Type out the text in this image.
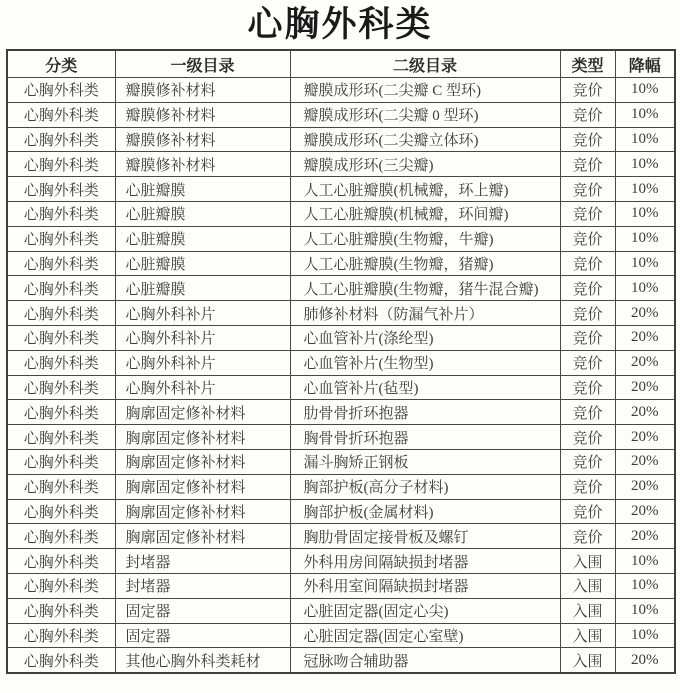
心胸外科类
分类	一级目录	二级目录	类型	降幅
心胸外科类	瓣膜修补材料	瓣膜成形环(二尖瓣 C 型环)	竞价	10%
心胸外科类	瓣膜修补材料	瓣膜成形环(二尖瓣 0 型环)	竞价	10%
心胸外科类	瓣膜修补材料	瓣膜成形环(二尖瓣立体环)	竞价	10%
心胸外科类	瓣膜修补材料	瓣膜成形环(三尖瓣)	竞价	10%
心胸外科类	心脏瓣膜	人工心脏瓣膜(机械瓣，环上瓣)	竞价	10%
心胸外科类	心脏瓣膜	人工心脏瓣膜(机械瓣，环间瓣)	竞价	10%
心胸外科类	心脏瓣膜	人工心脏瓣膜(生物瓣，牛瓣)	竞价	10%
心胸外科类	心脏瓣膜	人工心脏瓣膜(生物瓣，猪瓣)	竞价	10%
心胸外科类	心脏瓣膜	人工心脏瓣膜(生物瓣，猪牛混合瓣)	竞价	10%
心胸外科类	心胸外科补片	肺修补材料（防漏气补片）	竞价	20%
心胸外科类	心胸外科补片	心血管补片(涤纶型)	竞价	20%
心胸外科类	心胸外科补片	心血管补片(生物型)	竞价	20%
心胸外科类	心胸外科补片	心血管补片(毡型)	竞价	20%
心胸外科类	胸廓固定修补材料	肋骨骨折环抱器	竞价	20%
心胸外科类	胸廓固定修补材料	胸骨骨折环抱器	竞价	20%
心胸外科类	胸廓固定修补材料	漏斗胸矫正钢板	竞价	20%
心胸外科类	胸廓固定修补材料	胸部护板(高分子材料)	竞价	20%
心胸外科类	胸廓固定修补材料	胸部护板(金属材料)	竞价	20%
心胸外科类	胸廓固定修补材料	胸肋骨固定接骨板及螺钉	竞价	20%
心胸外科类	封堵器	外科用房间隔缺损封堵器	入围	10%
心胸外科类	封堵器	外科用室间隔缺损封堵器	入围	10%
心胸外科类	固定器	心脏固定器(固定心尖)	入围	10%
心胸外科类	固定器	心脏固定器(固定心室壁)	入围	10%
心胸外科类	其他心胸外科类耗材	冠脉吻合辅助器	入围	20%
